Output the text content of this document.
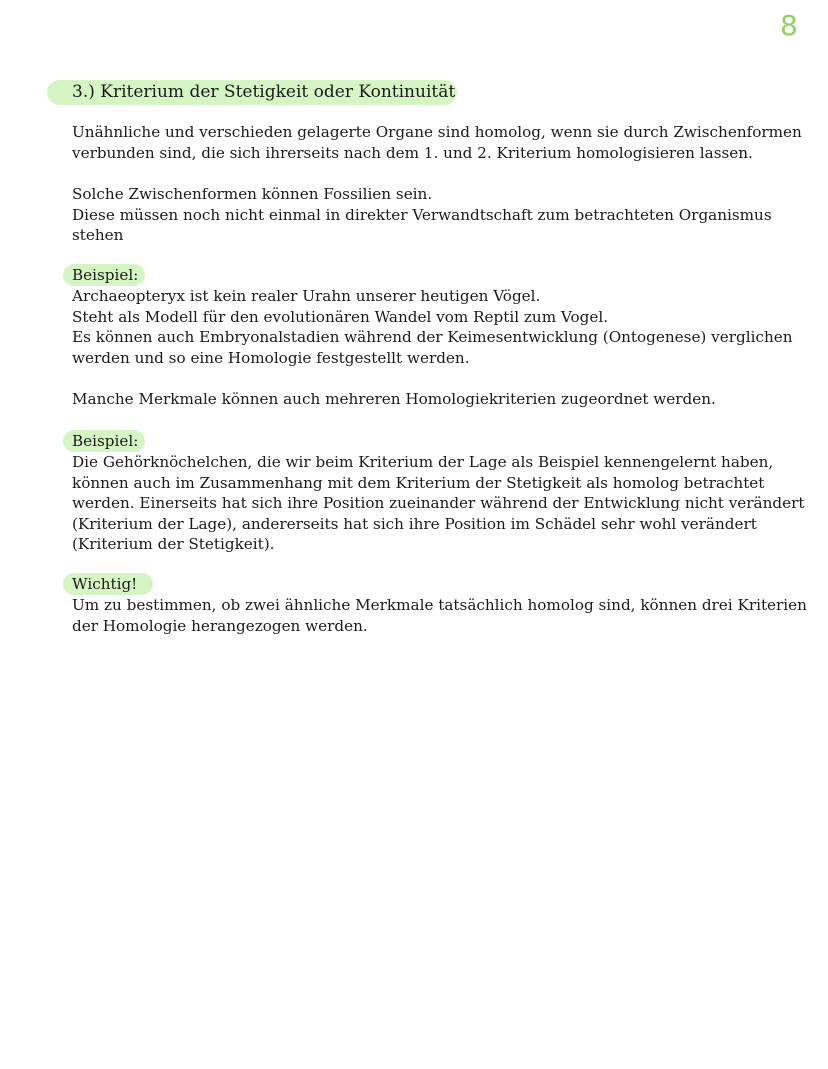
8
3.) Kriterium der Stetigkeit oder Kontinuität
Unähnliche und verschieden gelagerte Organe sind homolog, wenn sie durch Zwischenformen
verbunden sind, die sich ihrerseits nach dem 1. und 2. Kriterium homologisieren lassen.
Solche Zwischenformen können Fossilien sein.
Diese müssen noch nicht einmal in direkter Verwandtschaft zum betrachteten Organismus
stehen
Beispiel:
Archaeopteryx ist kein realer Urahn unserer heutigen Vögel.
Steht als Modell für den evolutionären Wandel vom Reptil zum Vogel.
Es können auch Embryonalstadien während der Keimesentwicklung (Ontogenese) verglichen
werden und so eine Homologie festgestellt werden.
Manche Merkmale können auch mehreren Homologiekriterien zugeordnet werden.
Beispiel:
Die Gehörknöchelchen, die wir beim Kriterium der Lage als Beispiel kennengelernt haben,
können auch im Zusammenhang mit dem Kriterium der Stetigkeit als homolog betrachtet
werden. Einerseits hat sich ihre Position zueinander während der Entwicklung nicht verändert
(Kriterium der Lage), andererseits hat sich ihre Position im Schädel sehr wohl verändert
(Kriterium der Stetigkeit).
Wichtig!
Um zu bestimmen, ob zwei ähnliche Merkmale tatsächlich homolog sind, können drei Kriterien
der Homologie herangezogen werden.
